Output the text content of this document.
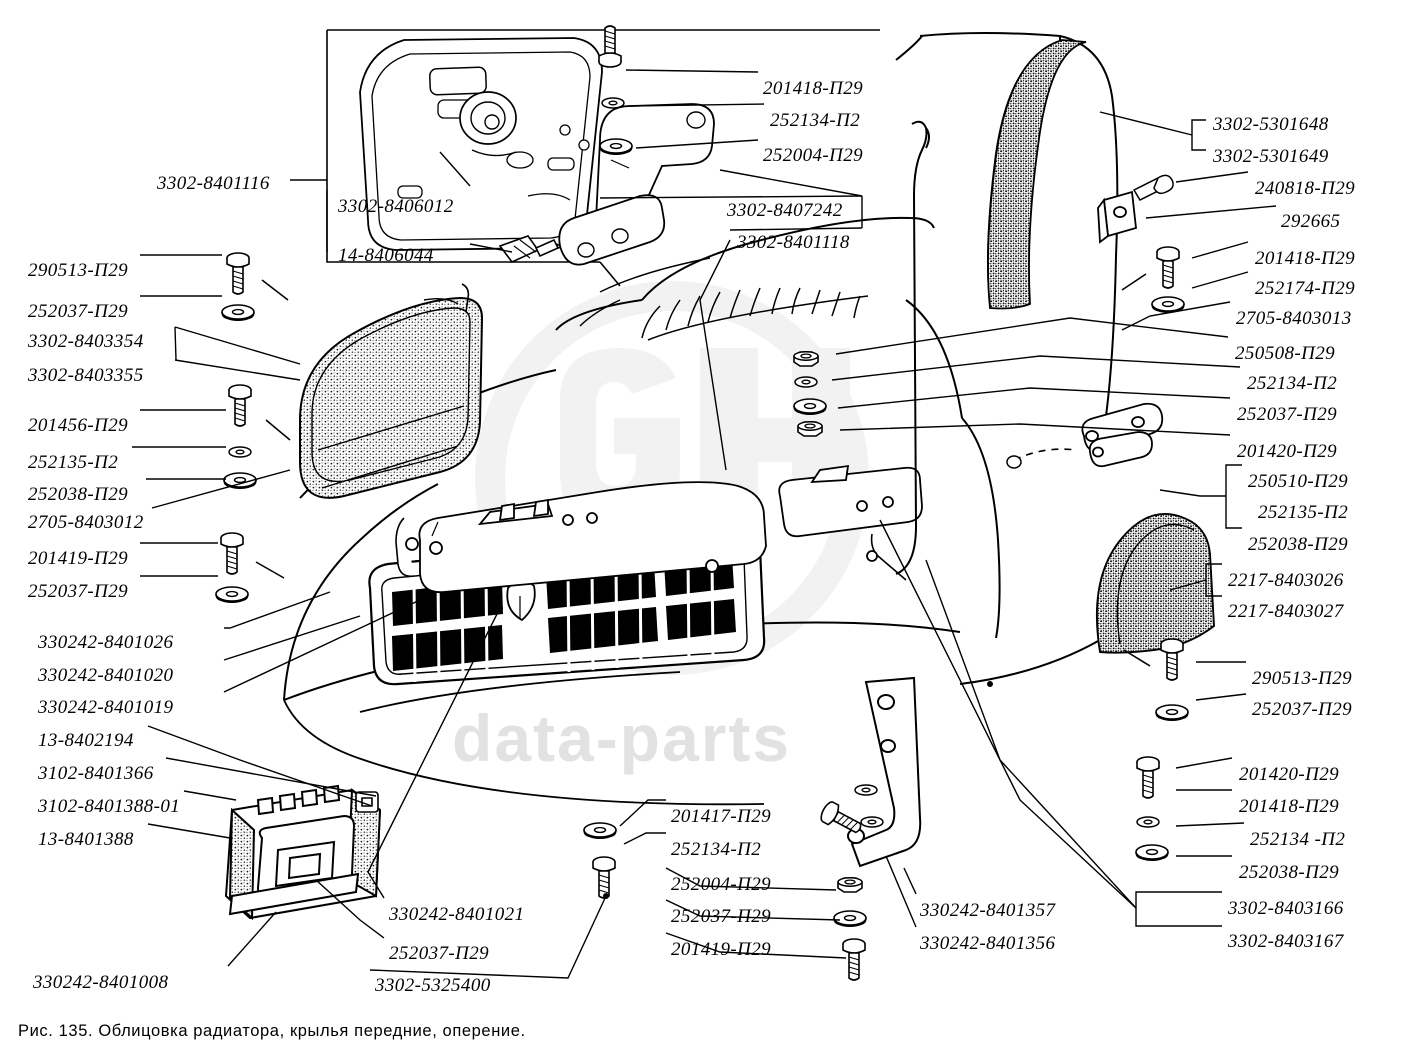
data-parts
Рис. 135. Облицовка радиатора, крылья передние, оперение.
3302-8401116
3302-8406012
14-8406044
201418-П29
252134-П2
252004-П29
3302-8407242
3302-8401118
290513-П29
252037-П29
3302-8403354
3302-8403355
201456-П29
252135-П2
252038-П29
2705-8403012
201419-П29
252037-П29
330242-8401026
330242-8401020
330242-8401019
13-8402194
3102-8401366
3102-8401388-01
13-8401388
330242-8401008
330242-8401021
252037-П29
3302-5325400
201417-П29
252134-П2
252004-П29
252037-П29
201419-П29
330242-8401357
330242-8401356
3302-5301648
3302-5301649
240818-П29
292665
201418-П29
252174-П29
2705-8403013
250508-П29
252134-П2
252037-П29
201420-П29
250510-П29
252135-П2
252038-П29
2217-8403026
2217-8403027
290513-П29
252037-П29
201420-П29
201418-П29
252134 -П2
252038-П29
3302-8403166
3302-8403167
